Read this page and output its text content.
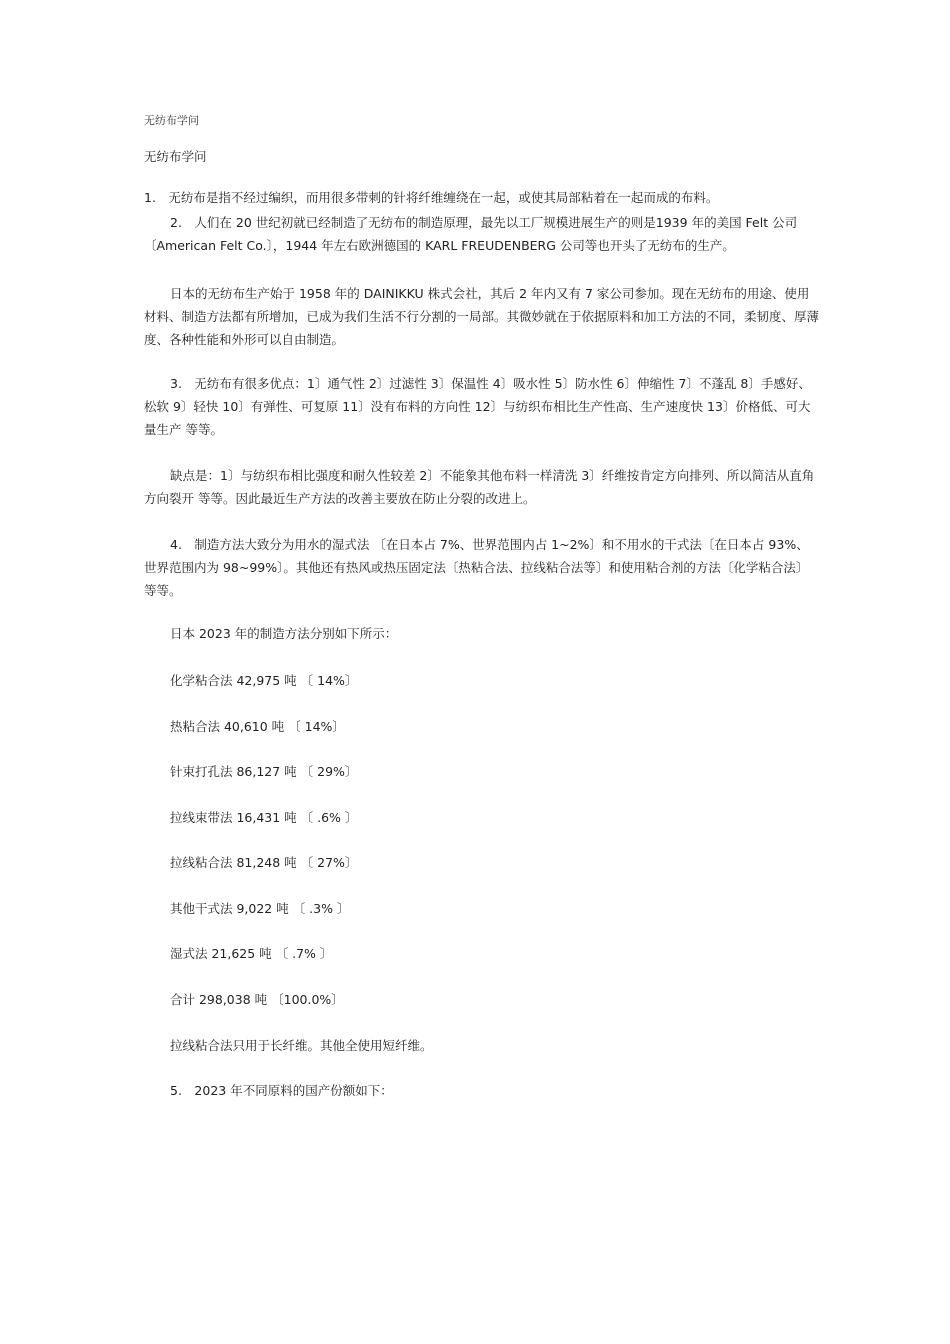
无纺布学问
无纺布学问
1.　无纺布是指不经过编织，而用很多带刺的针将纤维缠绕在一起，或使其局部粘着在一起而成的布料。
2.　人们在 20 世纪初就已经制造了无纺布的制造原理，最先以工厂规模进展生产的则是1939 年的美国 Felt 公司〔American Felt Co.〕，1944 年左右欧洲德国的 KARL FREUDENBERG 公司等也开头了无纺布的生产。
日本的无纺布生产始于 1958 年的 DAINIKKU 株式会社，其后 2 年内又有 7 家公司参加。现在无纺布的用途、使用材料、制造方法都有所增加，已成为我们生活不行分割的一局部。其微妙就在于依据原料和加工方法的不同，柔韧度、厚薄度、各种性能和外形可以自由制造。
3.　无纺布有很多优点：1〕通气性 2〕过滤性 3〕保温性 4〕吸水性 5〕防水性 6〕伸缩性 7〕不蓬乱 8〕手感好、松软 9〕轻快 10〕有弹性、可复原 11〕没有布料的方向性 12〕与纺织布相比生产性高、生产速度快 13〕价格低、可大量生产 等等。
缺点是：1〕与纺织布相比强度和耐久性较差 2〕不能象其他布料一样清洗 3〕纤维按肯定方向排列、所以简洁从直角方向裂开 等等。因此最近生产方法的改善主要放在防止分裂的改进上。
4.　制造方法大致分为用水的湿式法 〔在日本占 7%、世界范围内占 1~2%〕和不用水的干式法〔在日本占 93%、世界范围内为 98~99%〕。其他还有热风或热压固定法〔热粘合法、拉线粘合法等〕和使用粘合剂的方法〔化学粘合法〕 等等。
日本 2023 年的制造方法分别如下所示：
化学粘合法 42,975 吨 〔 14%〕
热粘合法 40,610 吨 〔 14%〕
针束打孔法 86,127 吨 〔 29%〕
拉线束带法 16,431 吨 〔 .6% 〕
拉线粘合法 81,248 吨 〔 27%〕
其他干式法 9,022 吨 〔 .3% 〕
湿式法 21,625 吨 〔 .7% 〕
合计 298,038 吨 〔100.0%〕
拉线粘合法只用于长纤维。其他全使用短纤维。
5.　2023 年不同原料的国产份额如下：
